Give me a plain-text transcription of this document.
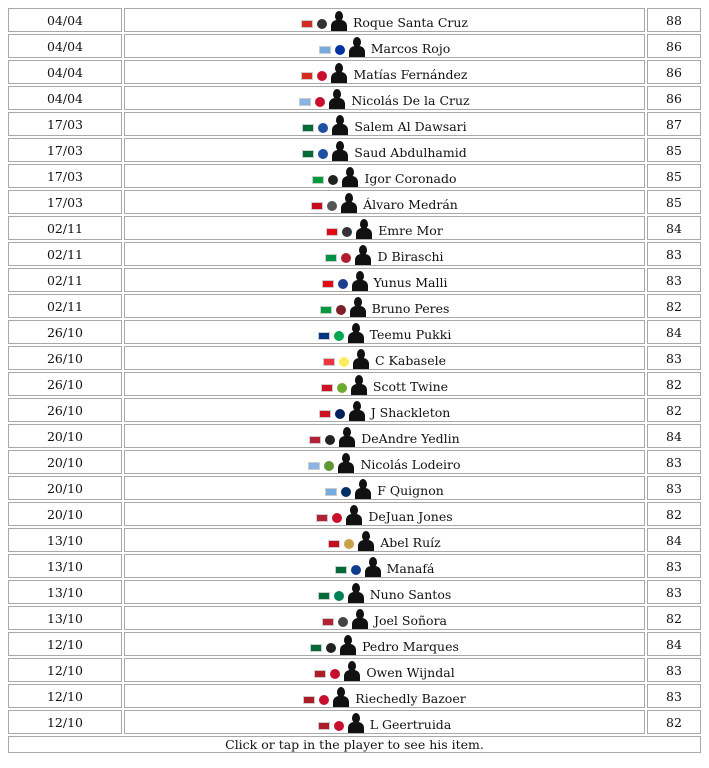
04/04	Roque Santa Cruz	88
04/04	Marcos Rojo	86
04/04	Matías Fernández	86
04/04	Nicolás De la Cruz	86
17/03	Salem Al Dawsari	87
17/03	Saud Abdulhamid	85
17/03	Igor Coronado	85
17/03	Álvaro Medrán	85
02/11	Emre Mor	84
02/11	D Biraschi	83
02/11	Yunus Malli	83
02/11	Bruno Peres	82
26/10	Teemu Pukki	84
26/10	C Kabasele	83
26/10	Scott Twine	82
26/10	J Shackleton	82
20/10	DeAndre Yedlin	84
20/10	Nicolás Lodeiro	83
20/10	F Quignon	83
20/10	DeJuan Jones	82
13/10	Abel Ruíz	84
13/10	Manafá	83
13/10	Nuno Santos	83
13/10	Joel Soñora	82
12/10	Pedro Marques	84
12/10	Owen Wijndal	83
12/10	Riechedly Bazoer	83
12/10	L Geertruida	82
Click or tap in the player to see his item.		
